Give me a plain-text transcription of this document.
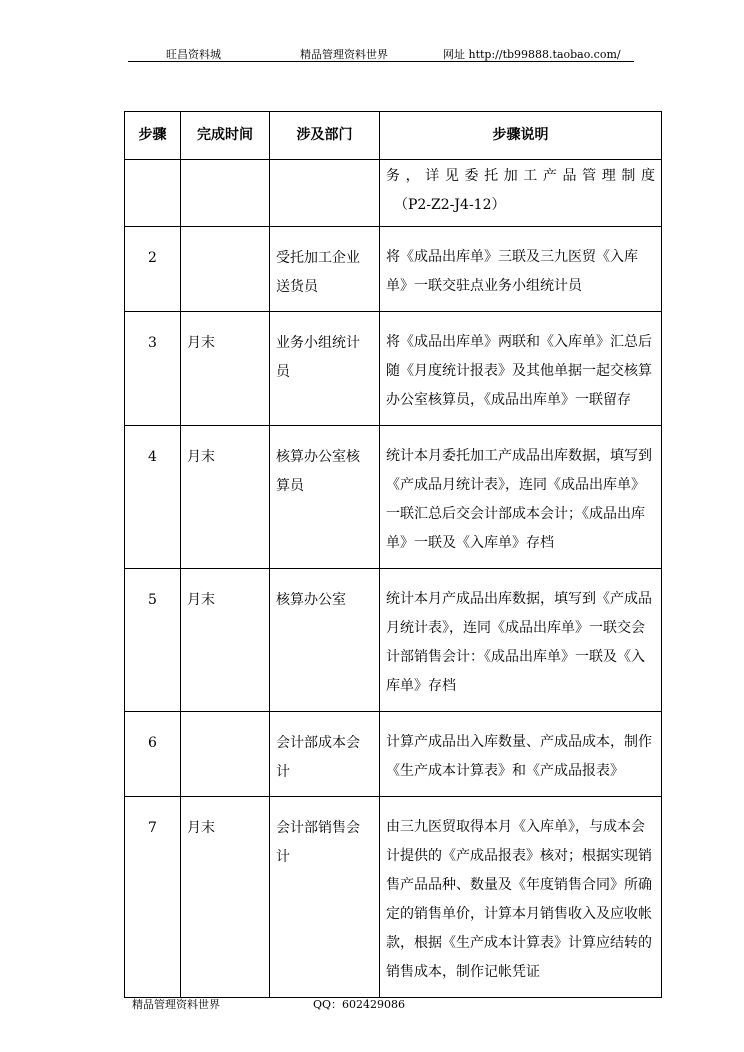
旺昌资料城	精品管理资料世界	网址 http://tb99888.taobao.com/
步骤	完成时间	涉及部门	步骤说明

			务，详见委托加工产品管理制度
（P2-Z2-J4-12）

2		受托加工企业送货员	将《成品出库单》三联及三九医贸《入库单》一联交驻点业务小组统计员
3	月末	业务小组统计员	将《成品出库单》两联和《入库单》汇总后随《月度统计报表》及其他单据一起交核算办公室核算员，《成品出库单》一联留存
4	月末	核算办公室核算员	统计本月委托加工产成品出库数据，填写到《产成品月统计表》，连同《成品出库单》一联汇总后交会计部成本会计；《成品出库单》一联及《入库单》存档
5	月末	核算办公室	统计本月产成品出库数据，填写到《产成品月统计表》，连同《成品出库单》一联交会计部销售会计：《成品出库单》一联及《入库单》存档
6		会计部成本会计	计算产成品出入库数量、产成品成本，制作《生产成本计算表》和《产成品报表》
7	月末	会计部销售会计	由三九医贸取得本月《入库单》，与成本会计提供的《产成品报表》核对；根据实现销售产品品种、数量及《年度销售合同》所确定的销售单价，计算本月销售收入及应收帐款，根据《生产成本计算表》计算应结转的销售成本，制作记帐凭证
精品管理资料世界	QQ：602429086
